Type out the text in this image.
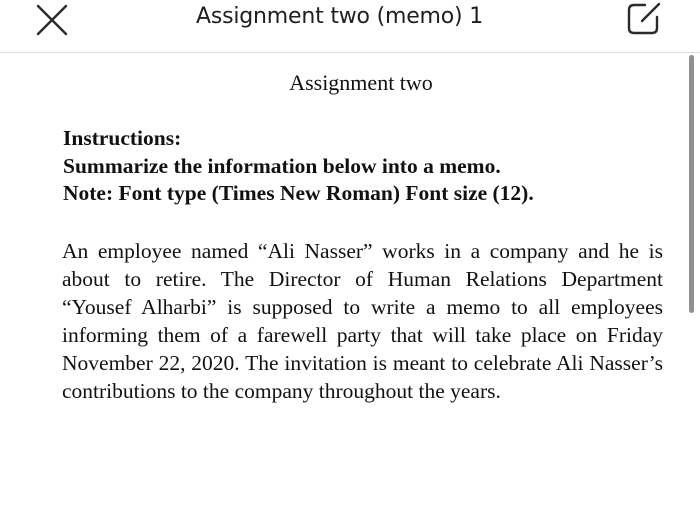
Assignment two (memo) 1
Assignment two
Instructions:
Summarize the information below into a memo.
Note: Font type (Times New Roman) Font size (12).

An employee named “Ali Nasser” works in a company and he is about to retire. The Director of Human Relations Department “Yousef Alharbi” is supposed to write a memo to all employees informing them of a farewell party that will take place on Friday November 22, 2020. The invitation is meant to celebrate Ali Nasser’s contributions to the company throughout the years.
